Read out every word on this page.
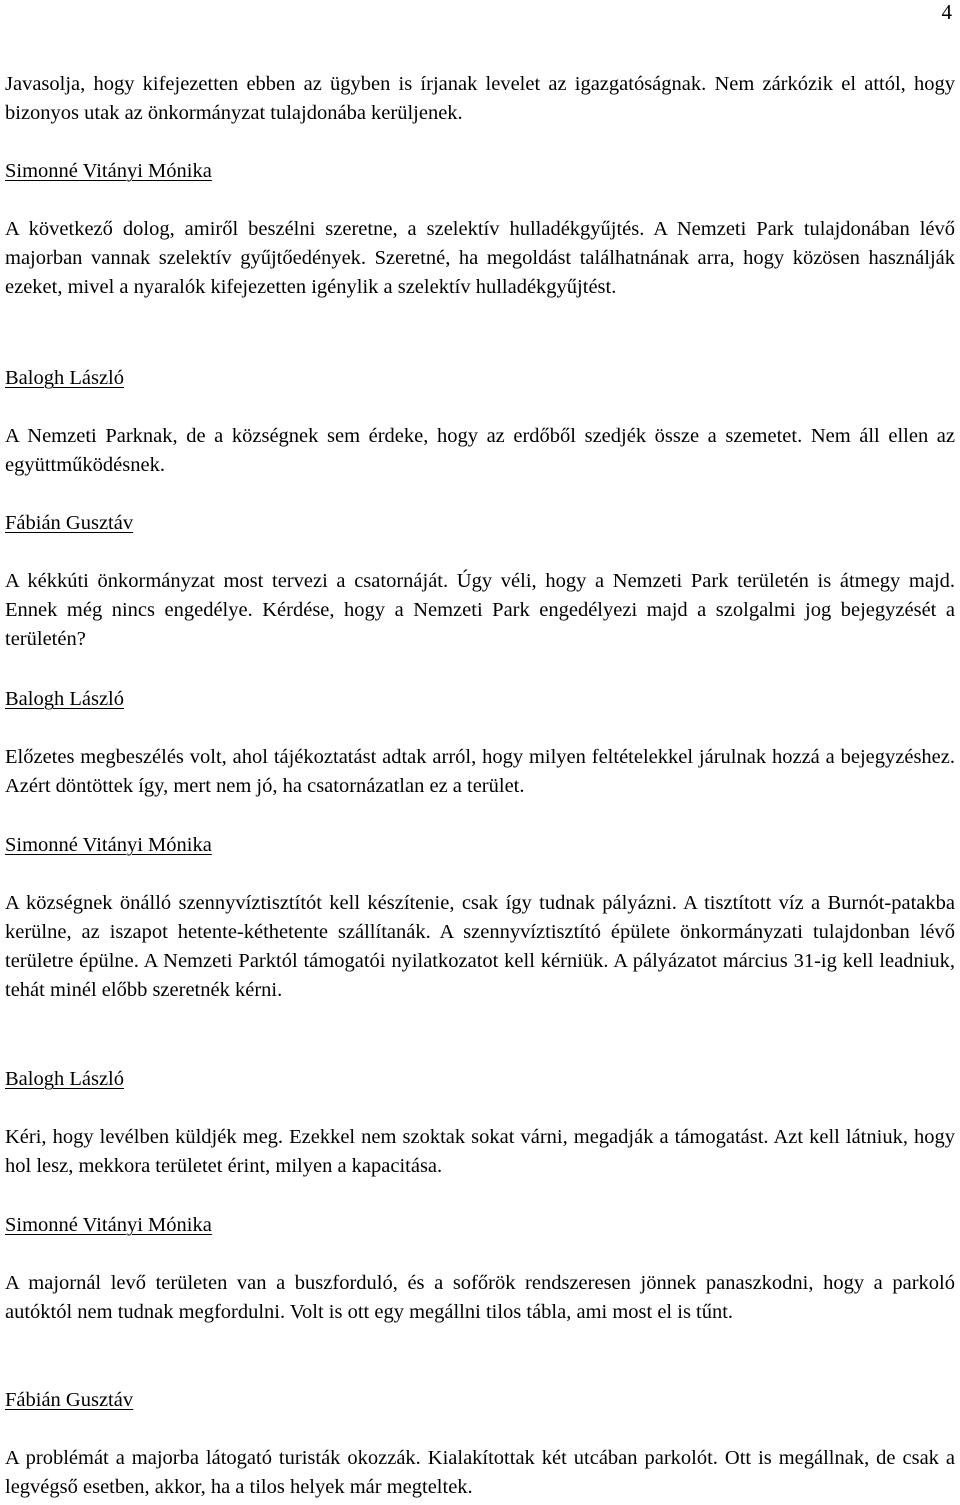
4

Javasolja, hogy kifejezetten ebben az ügyben is írjanak levelet az igazgatóságnak. Nem zárkózik el attól, hogy bizonyos utak az önkormányzat tulajdonába kerüljenek.

Simonné Vitányi Mónika

A következő dolog, amiről beszélni szeretne, a szelektív hulladékgyűjtés. A Nemzeti Park tulajdonában lévő majorban vannak szelektív gyűjtőedények. Szeretné, ha megoldást találhatnának arra, hogy közösen használják ezeket, mivel a nyaralók kifejezetten igénylik a szelektív hulladékgyűjtést.

Balogh László

A Nemzeti Parknak, de a községnek sem érdeke, hogy az erdőből szedjék össze a szemetet. Nem áll ellen az együttműködésnek.

Fábián Gusztáv

A kékkúti önkormányzat most tervezi a csatornáját. Úgy véli, hogy a Nemzeti Park területén is átmegy majd. Ennek még nincs engedélye. Kérdése, hogy a Nemzeti Park engedélyezi majd a szolgalmi jog bejegyzését a területén?

Balogh László

Előzetes megbeszélés volt, ahol tájékoztatást adtak arról, hogy milyen feltételekkel járulnak hozzá a bejegyzéshez. Azért döntöttek így, mert nem jó, ha csatornázatlan ez a terület.

Simonné Vitányi Mónika

A községnek önálló szennyvíztisztítót kell készítenie, csak így tudnak pályázni. A tisztított víz a Burnót-patakba kerülne, az iszapot hetente-kéthetente szállítanák. A szennyvíztisztító épülete önkormányzati tulajdonban lévő területre épülne. A Nemzeti Parktól támogatói nyilatkozatot kell kérniük. A pályázatot március 31-ig kell leadniuk, tehát minél előbb szeretnék kérni.

Balogh László

Kéri, hogy levélben küldjék meg. Ezekkel nem szoktak sokat várni, megadják a támogatást. Azt kell látniuk, hogy hol lesz, mekkora területet érint, milyen a kapacitása.

Simonné Vitányi Mónika

A majornál levő területen van a buszforduló, és a sofőrök rendszeresen jönnek panaszkodni, hogy a parkoló autóktól nem tudnak megfordulni. Volt is ott egy megállni tilos tábla, ami most el is tűnt.

Fábián Gusztáv

A problémát a majorba látogató turisták okozzák. Kialakítottak két utcában parkolót. Ott is megállnak, de csak a legvégső esetben, akkor, ha a tilos helyek már megteltek.
